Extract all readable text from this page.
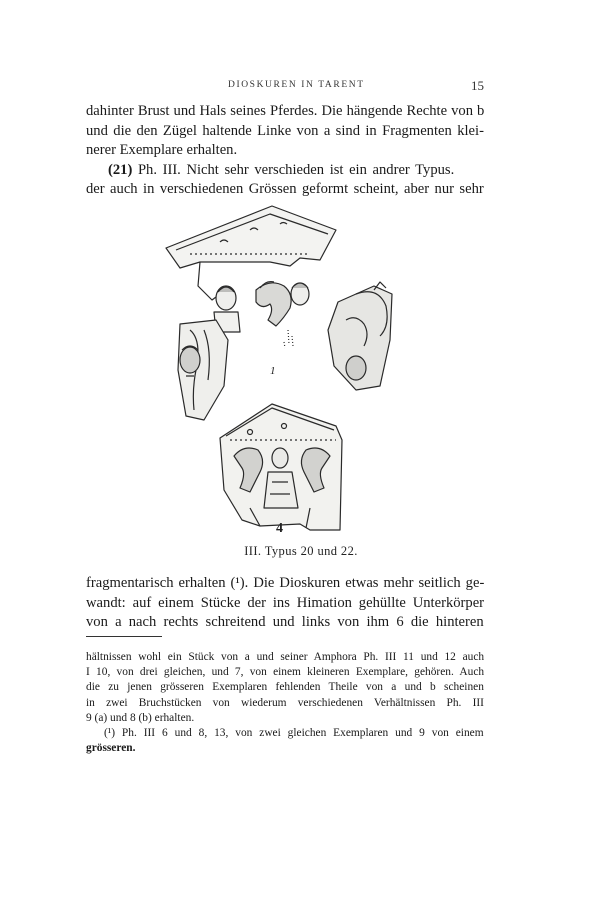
DIOSKUREN IN TARENT	15
dahinter Brust und Hals seines Pferdes. Die hängende Rechte von b
und die den Zügel haltende Linke von a sind in Fragmenten klei-
nerer Exemplare erhalten.
(21) Ph. III. Nicht sehr verschieden ist ein andrer Typus.
der auch in verschiedenen Grössen geformt scheint, aber nur sehr
1
4
III. Typus 20 und 22.
fragmentarisch erhalten (¹). Die Dioskuren etwas mehr seitlich ge-
wandt: auf einem Stücke der ins Himation gehüllte Unterkörper
von a nach rechts schreitend und links von ihm 6 die hinteren
hältnissen wohl ein Stück von a und seiner Amphora Ph. III 11 und 12 auch
I 10, von drei gleichen, und 7, von einem kleineren Exemplare, gehören. Auch
die zu jenen grösseren Exemplaren fehlenden Theile von a und b scheinen
in zwei Bruchstücken von wiederum verschiedenen Verhältnissen Ph. III
9 (a) und 8 (b) erhalten.
(¹) Ph. III 6 und 8, 13, von zwei gleichen Exemplaren und 9 von einem
grösseren.
